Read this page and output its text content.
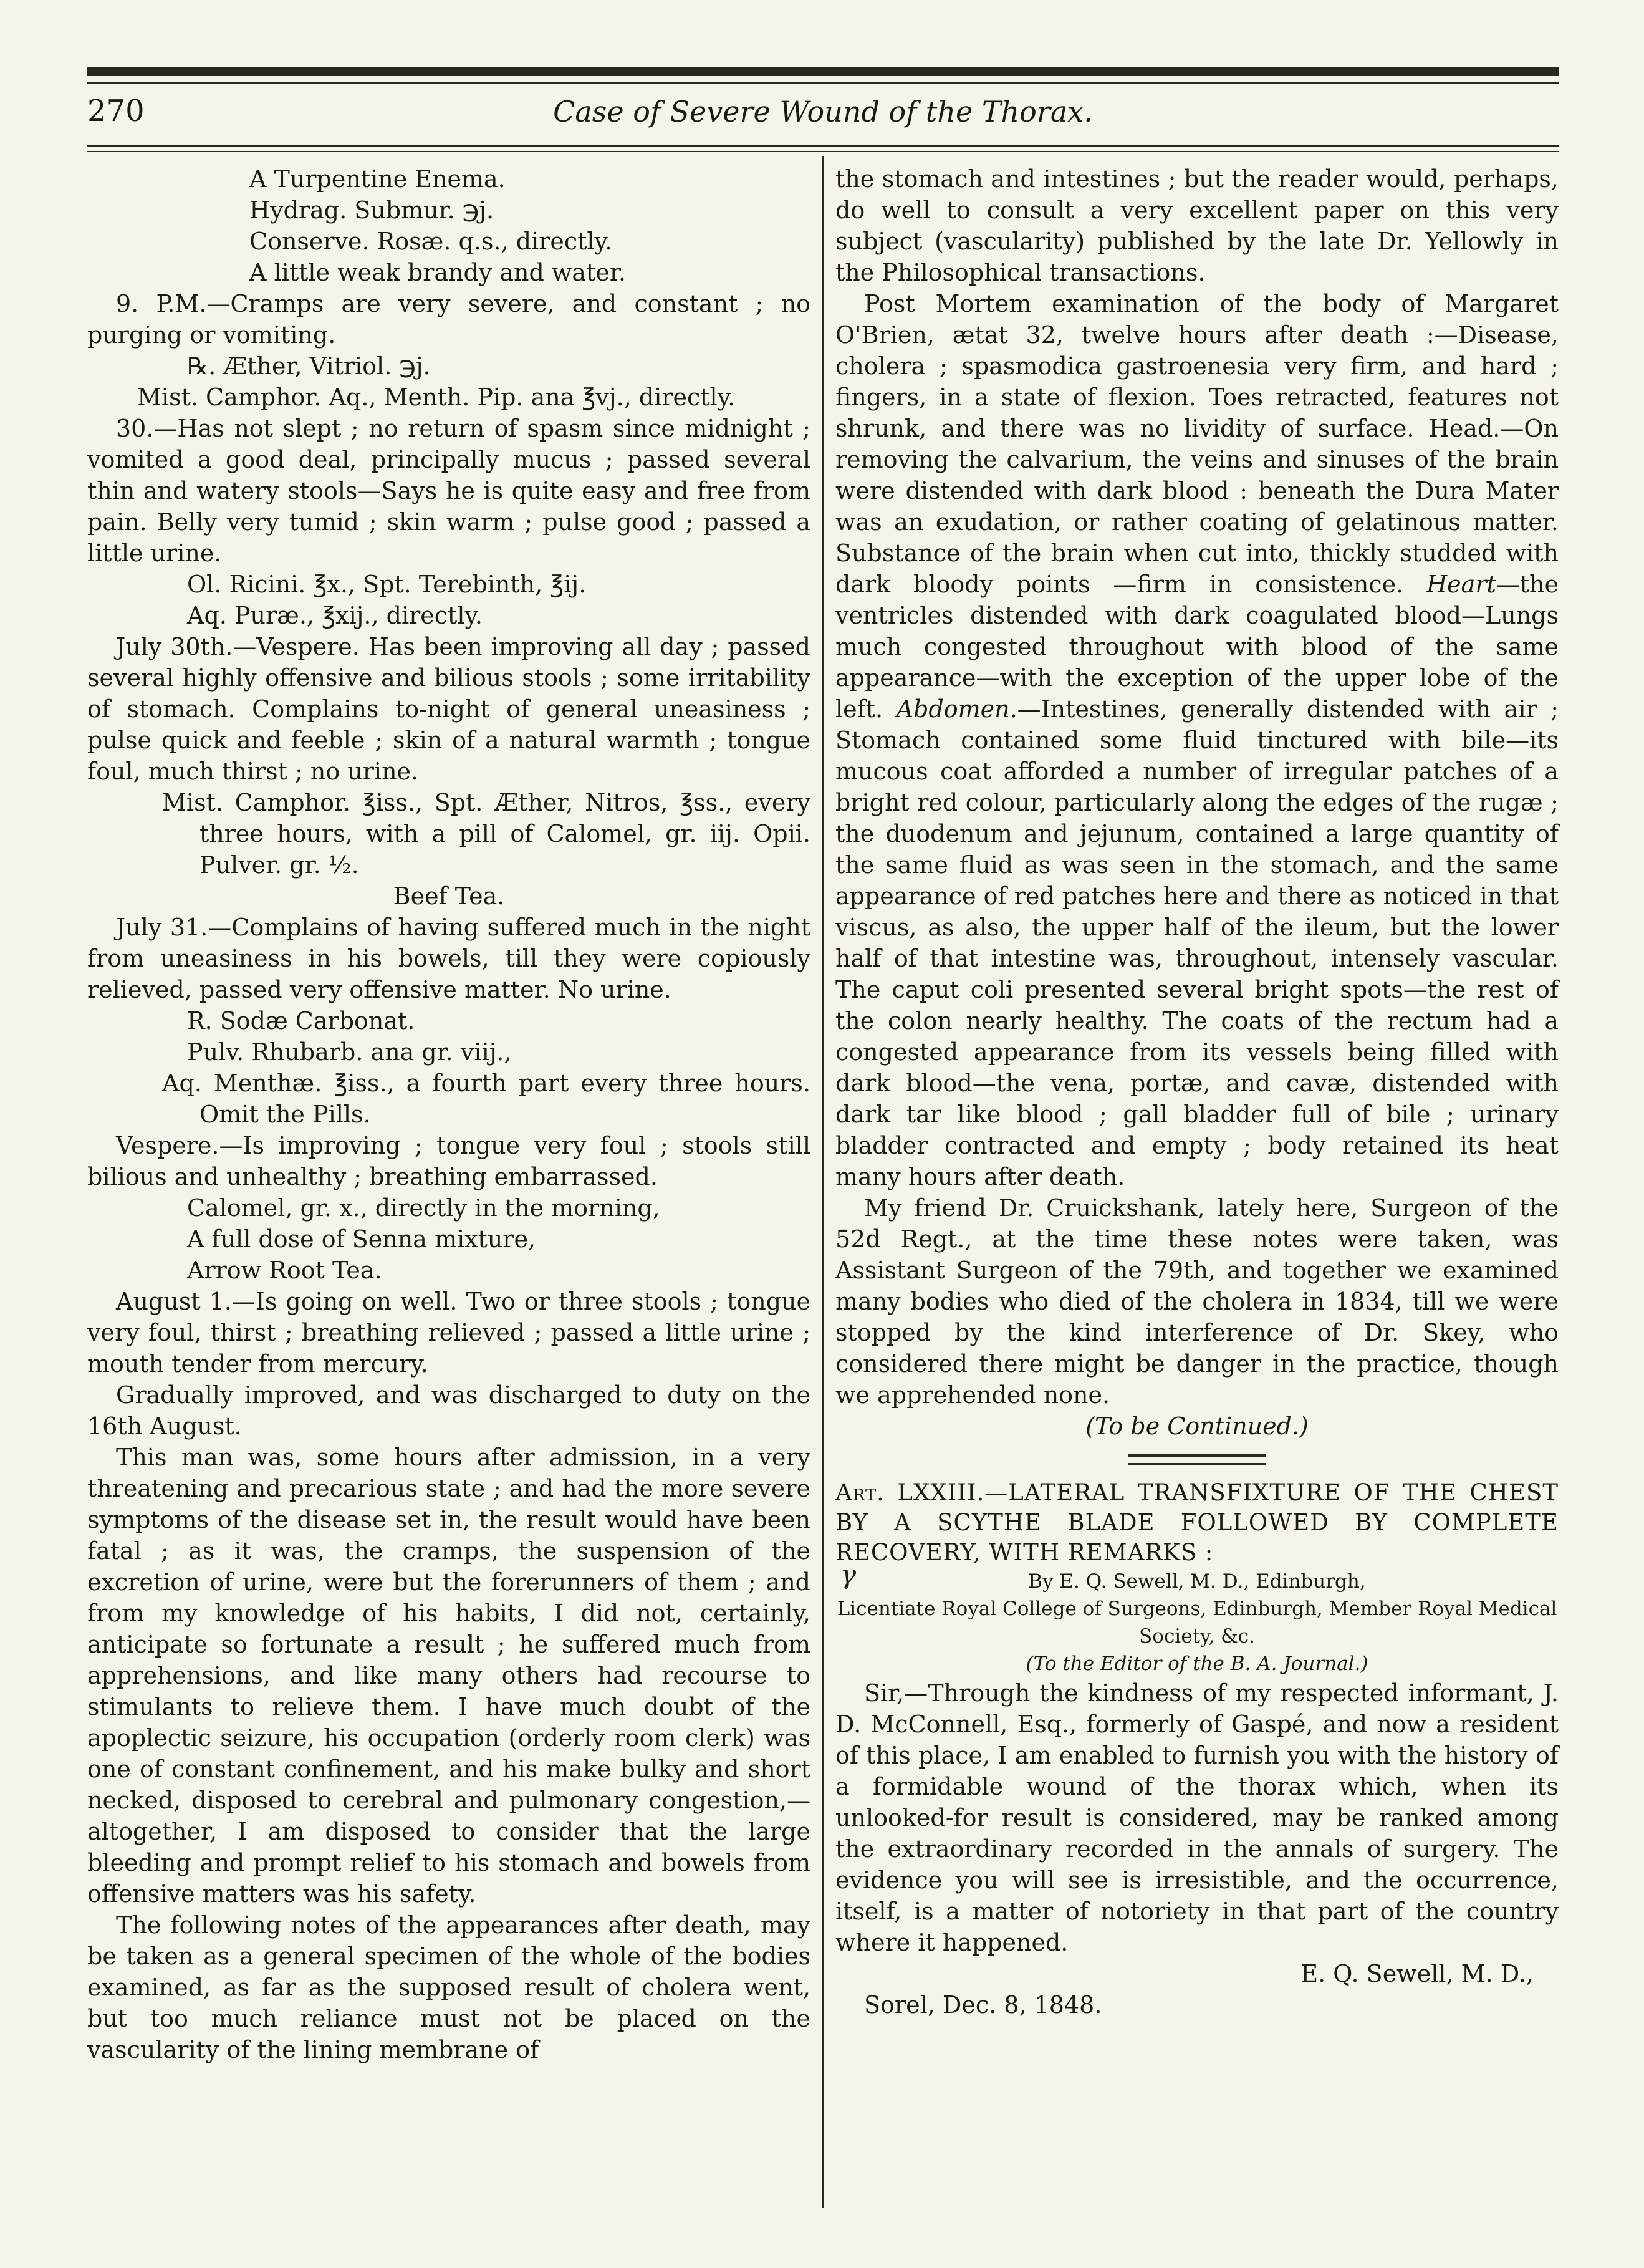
270	Case of Severe Wound of the Thorax.

A Turpentine Enema.

Hydrag. Submur. ℈j.

Conserve. Rosæ. q.s., directly.

A little weak brandy and water.

9. P.M.—Cramps are very severe, and constant ; no purging or vomiting.

℞. Æther, Vitriol. ℈j.

Mist. Camphor. Aq., Menth. Pip. ana ℥vj., directly.

30.—Has not slept ; no return of spasm since midnight ; vomited a good deal, principally mucus ; passed several thin and watery stools—Says he is quite easy and free from pain. Belly very tumid ; skin warm ; pulse good ; passed a little urine.

Ol. Ricini. ℥x., Spt. Terebinth, ℥ij.

Aq. Puræ., ℥xij., directly.

July 30th.—Vespere. Has been improving all day ; passed several highly offensive and bilious stools ; some irritability of stomach. Complains to-night of general uneasiness ; pulse quick and feeble ; skin of a natural warmth ; tongue foul, much thirst ; no urine.

Mist. Camphor. ℥iss., Spt. Æther, Nitros, ℥ss., every three hours, with a pill of Calomel, gr. iij. Opii. Pulver. gr. ½.

Beef Tea.

July 31.—Complains of having suffered much in the night from uneasiness in his bowels, till they were copiously relieved, passed very offensive matter. No urine.

R. Sodæ Carbonat.

Pulv. Rhubarb. ana gr. viij.,

Aq. Menthæ. ℥iss., a fourth part every three hours. Omit the Pills.

Vespere.—Is improving ; tongue very foul ; stools still bilious and unhealthy ; breathing embarrassed.

Calomel, gr. x., directly in the morning,

A full dose of Senna mixture,

Arrow Root Tea.

August 1.—Is going on well. Two or three stools ; tongue very foul, thirst ; breathing relieved ; passed a little urine ; mouth tender from mercury.

Gradually improved, and was discharged to duty on the 16th August.

This man was, some hours after admission, in a very threatening and precarious state ; and had the more severe symptoms of the disease set in, the result would have been fatal ; as it was, the cramps, the suspension of the excretion of urine, were but the forerunners of them ; and from my knowledge of his habits, I did not, certainly, anticipate so fortunate a result ; he suffered much from apprehensions, and like many others had recourse to stimulants to relieve them. I have much doubt of the apoplectic seizure, his occupation (orderly room clerk) was one of constant confinement, and his make bulky and short necked, disposed to cerebral and pulmonary congestion,—altogether, I am disposed to consider that the large bleeding and prompt relief to his stomach and bowels from offensive matters was his safety.

The following notes of the appearances after death, may be taken as a general specimen of the whole of the bodies examined, as far as the supposed result of cholera went, but too much reliance must not be placed on the vascularity of the lining membrane of

the stomach and intestines ; but the reader would, perhaps, do well to consult a very excellent paper on this very subject (vascularity) published by the late Dr. Yellowly in the Philosophical transactions.

Post Mortem examination of the body of Margaret O'Brien, ætat 32, twelve hours after death :—Disease, cholera ; spasmodica gastroenesia very firm, and hard ; fingers, in a state of flexion. Toes retracted, features not shrunk, and there was no lividity of surface. Head.—On removing the calvarium, the veins and sinuses of the brain were distended with dark blood : beneath the Dura Mater was an exudation, or rather coating of gelatinous matter. Substance of the brain when cut into, thickly studded with dark bloody points —firm in consistence. Heart—the ventricles distended with dark coagulated blood—Lungs much congested throughout with blood of the same appearance—with the exception of the upper lobe of the left. Abdomen.—Intestines, generally distended with air ; Stomach contained some fluid tinctured with bile—its mucous coat afforded a number of irregular patches of a bright red colour, particularly along the edges of the rugæ ; the duodenum and jejunum, contained a large quantity of the same fluid as was seen in the stomach, and the same appearance of red patches here and there as noticed in that viscus, as also, the upper half of the ileum, but the lower half of that intestine was, throughout, intensely vascular. The caput coli presented several bright spots—the rest of the colon nearly healthy. The coats of the rectum had a congested appearance from its vessels being filled with dark blood—the vena, portæ, and cavæ, distended with dark tar like blood ; gall bladder full of bile ; urinary bladder contracted and empty ; body retained its heat many hours after death.

My friend Dr. Cruickshank, lately here, Surgeon of the 52d Regt., at the time these notes were taken, was Assistant Surgeon of the 79th, and together we examined many bodies who died of the cholera in 1834, till we were stopped by the kind interference of Dr. Skey, who considered there might be danger in the practice, though we apprehended none.

(To be Continued.)

Art. LXXIII.—LATERAL TRANSFIXTURE OF THE CHEST BY A SCYTHE BLADE FOLLOWED BY COMPLETE RECOVERY, WITH REMARKS :

By E. Q. Sewell, M. D., Edinburgh,

Licentiate Royal College of Surgeons, Edinburgh, Member Royal Medical Society, &c.

(To the Editor of the B. A. Journal.)

Sir,—Through the kindness of my respected informant, J. D. McConnell, Esq., formerly of Gaspé, and now a resident of this place, I am enabled to furnish you with the history of a formidable wound of the thorax which, when its unlooked-for result is considered, may be ranked among the extraordinary recorded in the annals of surgery. The evidence you will see is irresistible, and the occurrence, itself, is a matter of notoriety in that part of the country where it happened.

E. Q. Sewell, M. D.,

Sorel, Dec. 8, 1848.

γ
